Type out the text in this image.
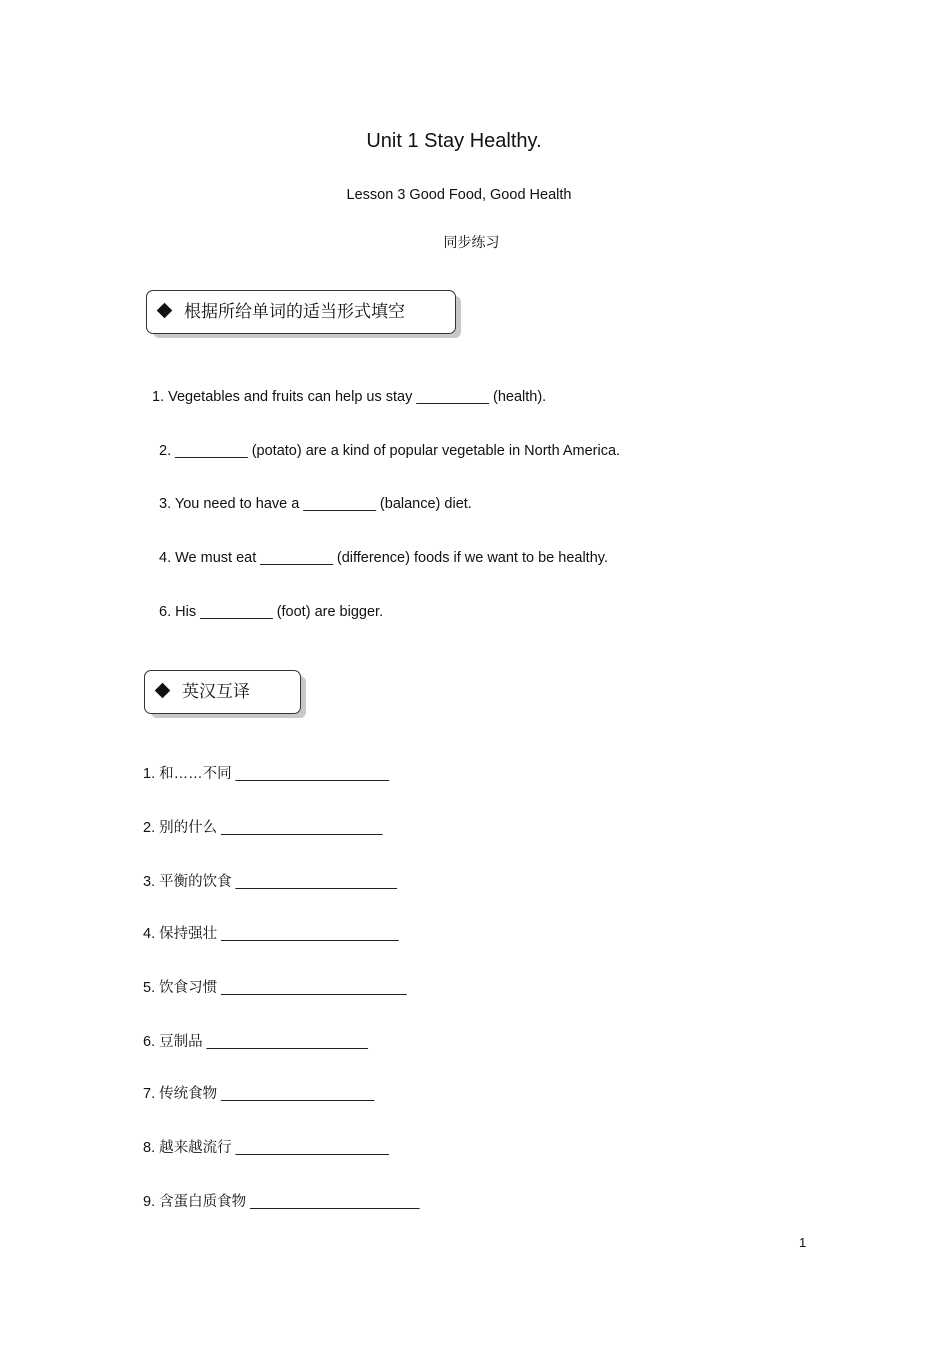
Unit 1 Stay Healthy.
Lesson 3 Good Food, Good Health
同步练习
根据所给单词的适当形式填空
1. Vegetables and fruits can help us stay _________ (health).
2. _________ (potato) are a kind of popular vegetable in North America.
3. You need to have a _________ (balance) diet.
4. We must eat _________ (difference) foods if we want to be healthy.
6. His _________ (foot) are bigger.
英汉互译
1. 和……不同 ___________________
2. 别的什么 ____________________
3. 平衡的饮食 ____________________
4. 保持强壮 ______________________
5. 饮食习惯 _______________________
6. 豆制品 ____________________
7. 传统食物 ___________________
8. 越来越流行 ___________________
9. 含蛋白质食物 _____________________
1
